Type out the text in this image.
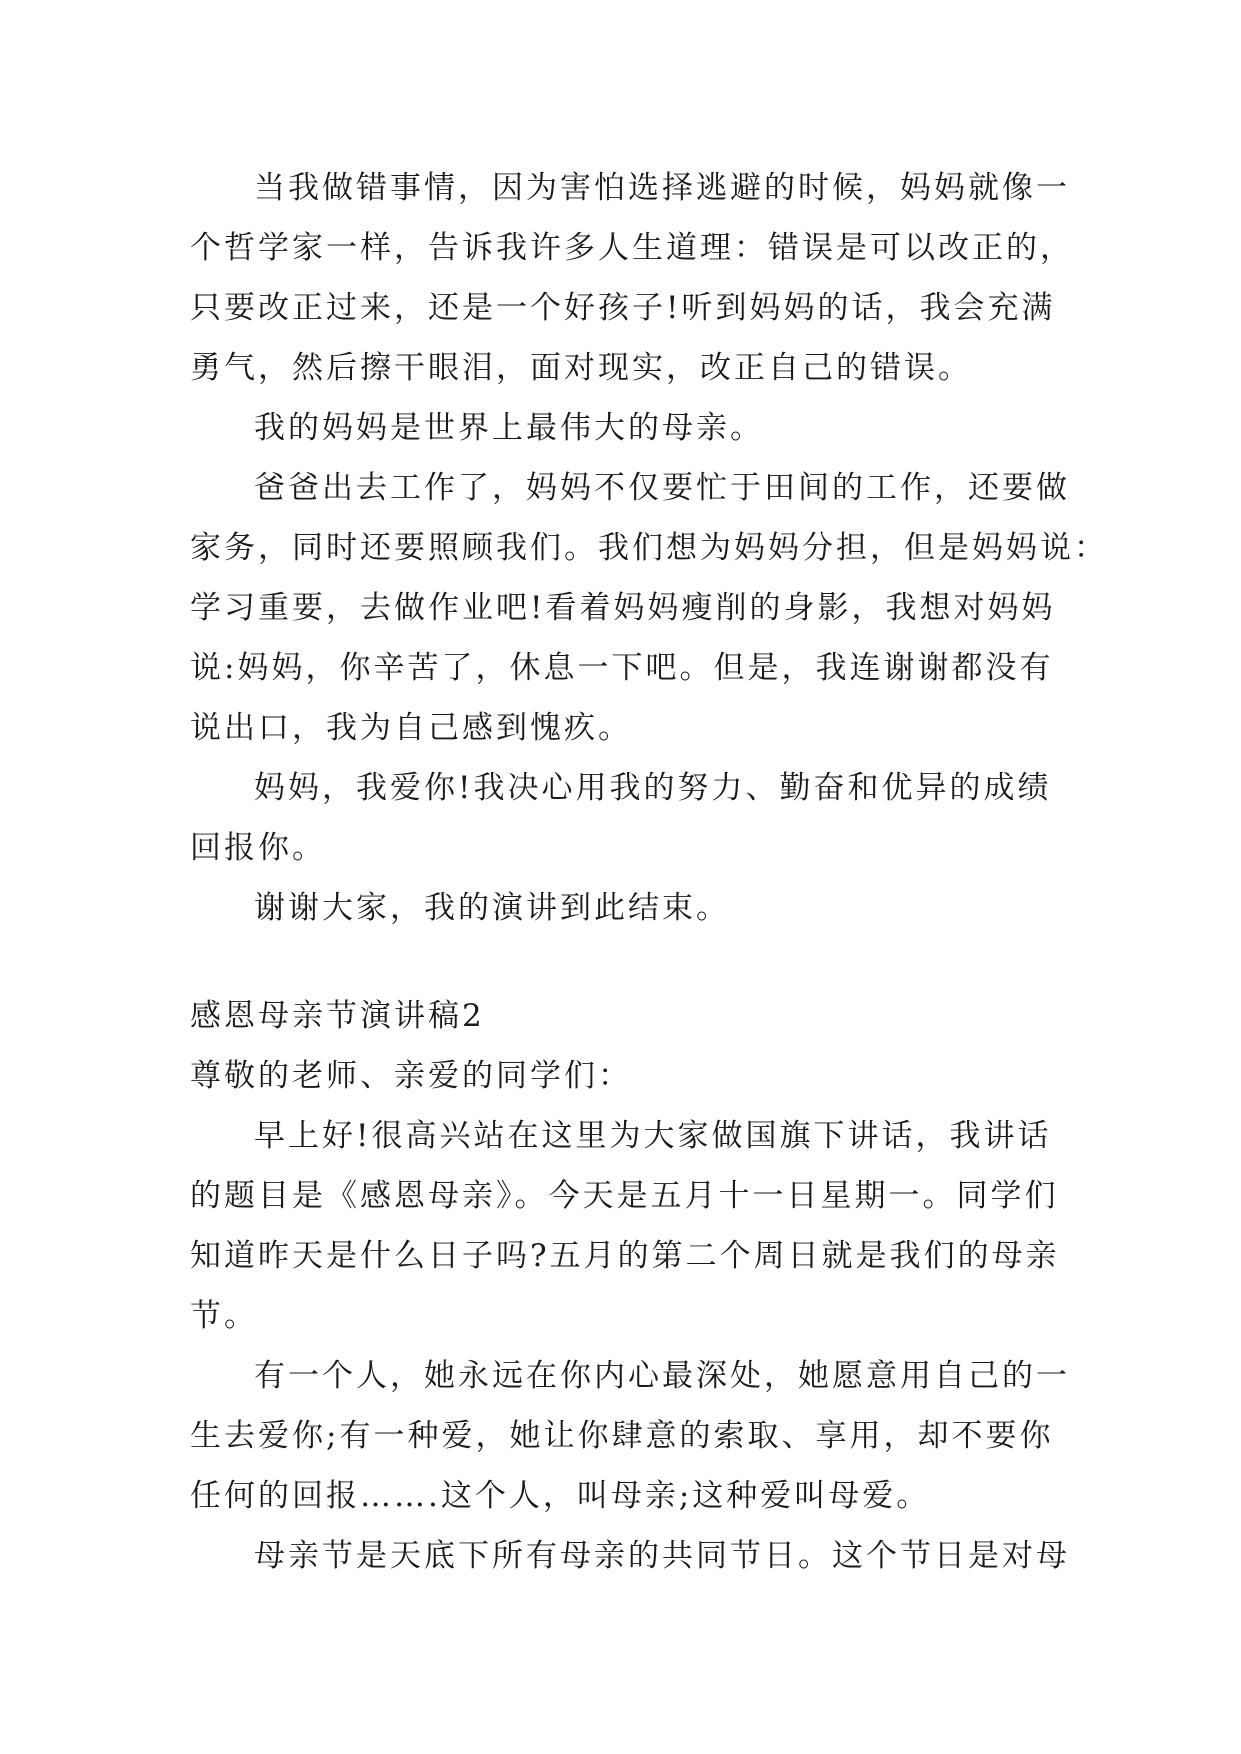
当我做错事情，因为害怕选择逃避的时候，妈妈就像一
个哲学家一样，告诉我许多人生道理：错误是可以改正的，
只要改正过来，还是一个好孩子!听到妈妈的话，我会充满
勇气，然后擦干眼泪，面对现实，改正自己的错误。
我的妈妈是世界上最伟大的母亲。
爸爸出去工作了，妈妈不仅要忙于田间的工作，还要做
家务，同时还要照顾我们。我们想为妈妈分担，但是妈妈说：
学习重要，去做作业吧!看着妈妈瘦削的身影，我想对妈妈
说:妈妈，你辛苦了，休息一下吧。但是，我连谢谢都没有
说出口，我为自己感到愧疚。
妈妈，我爱你!我决心用我的努力、勤奋和优异的成绩
回报你。
谢谢大家，我的演讲到此结束。
感恩母亲节演讲稿2
尊敬的老师、亲爱的同学们：
早上好!很高兴站在这里为大家做国旗下讲话，我讲话
的题目是《感恩母亲》。今天是五月十一日星期一。同学们
知道昨天是什么日子吗?五月的第二个周日就是我们的母亲
节。
有一个人，她永远在你内心最深处，她愿意用自己的一
生去爱你;有一种爱，她让你肆意的索取、享用，却不要你
任何的回报…….这个人，叫母亲;这种爱叫母爱。
母亲节是天底下所有母亲的共同节日。这个节日是对母
